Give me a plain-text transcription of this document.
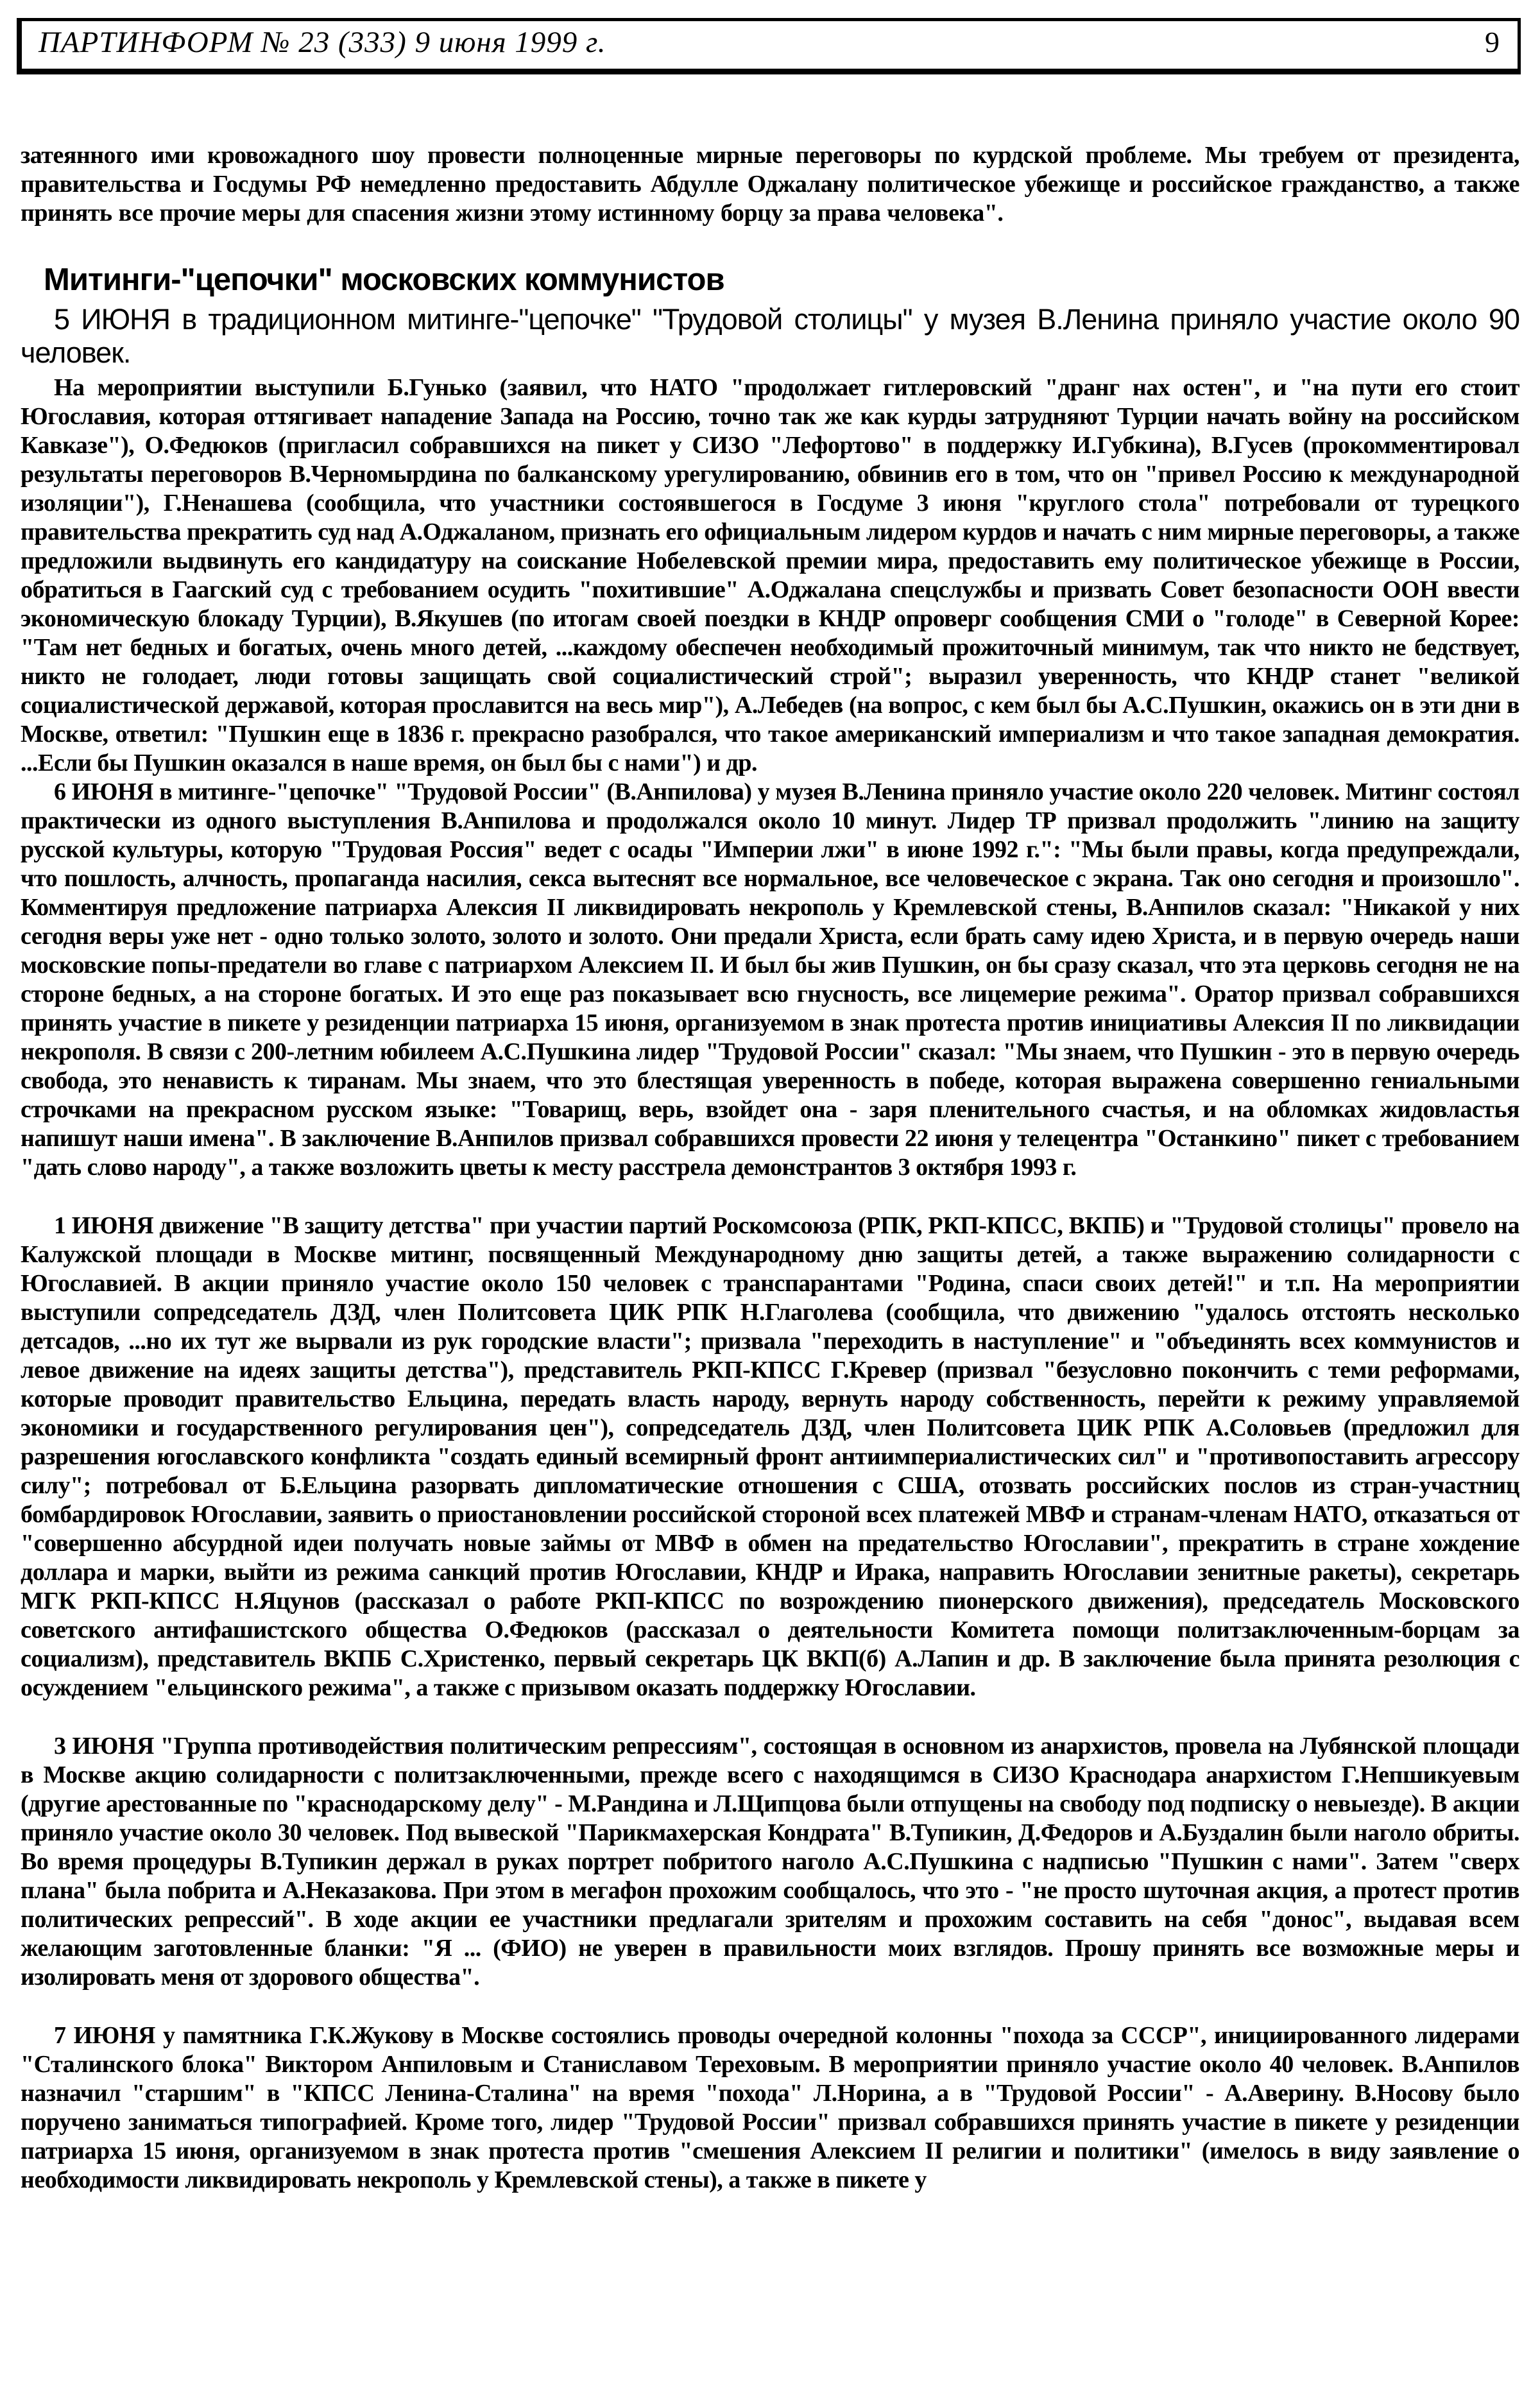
ПАРТИНФОРМ № 23 (333) 9 июня 1999 г.	9

затеянного ими кровожадного шоу провести полноценные мирные переговоры по курдской проблеме. Мы требуем от президента, правительства и Госдумы РФ немедленно предоставить Абдулле Оджалану политическое убежище и российское гражданство, а также принять все прочие меры для спасения жизни этому истинному борцу за права человека".

Митинги-"цепочки" московских коммунистов

5 ИЮНЯ в традиционном митинге-"цепочке" "Трудовой столицы" у музея В.Ленина приняло участие около 90 человек.

На мероприятии выступили Б.Гунько (заявил, что НАТО "продолжает гитлеровский "дранг нах остен", и "на пути его стоит Югославия, которая оттягивает нападение Запада на Россию, точно так же как курды затрудняют Турции начать войну на российском Кавказе"), О.Федюков (пригласил собравшихся на пикет у СИЗО "Лефортово" в поддержку И.Губкина), В.Гусев (прокомментировал результаты переговоров В.Черномырдина по балканскому урегулированию, обвинив его в том, что он "привел Россию к международной изоляции"), Г.Ненашева (сообщила, что участники состоявшегося в Госдуме 3 июня "круглого стола" потребовали от турецкого правительства прекратить суд над А.Оджаланом, признать его официальным лидером курдов и начать с ним мирные переговоры, а также предложили выдвинуть его кандидатуру на соискание Нобелевской премии мира, предоставить ему политическое убежище в России, обратиться в Гаагский суд с требованием осудить "похитившие" А.Оджалана спецслужбы и призвать Совет безопасности ООН ввести экономическую блокаду Турции), В.Якушев (по итогам своей поездки в КНДР опроверг сообщения СМИ о "голоде" в Северной Корее: "Там нет бедных и богатых, очень много детей, ...каждому обеспечен необходимый прожиточный минимум, так что никто не бедствует, никто не голодает, люди готовы защищать свой социалистический строй"; выразил уверенность, что КНДР станет "великой социалистической державой, которая прославится на весь мир"), А.Лебедев (на вопрос, с кем был бы А.С.Пушкин, окажись он в эти дни в Москве, ответил: "Пушкин еще в 1836 г. прекрасно разобрался, что такое американский империализм и что такое западная демократия. ...Если бы Пушкин оказался в наше время, он был бы с нами") и др.

6 ИЮНЯ в митинге-"цепочке" "Трудовой России" (В.Анпилова) у музея В.Ленина приняло участие около 220 человек. Митинг состоял практически из одного выступления В.Анпилова и продолжался около 10 минут. Лидер ТР призвал продолжить "линию на защиту русской культуры, которую "Трудовая Россия" ведет с осады "Империи лжи" в июне 1992 г.": "Мы были правы, когда предупреждали, что пошлость, алчность, пропаганда насилия, секса вытеснят все нормальное, все человеческое с экрана. Так оно сегодня и произошло". Комментируя предложение патриарха Алексия II ликвидировать некрополь у Кремлевской стены, В.Анпилов сказал: "Никакой у них сегодня веры уже нет - одно только золото, золото и золото. Они предали Христа, если брать саму идею Христа, и в первую очередь наши московские попы-предатели во главе с патриархом Алексием II. И был бы жив Пушкин, он бы сразу сказал, что эта церковь сегодня не на стороне бедных, а на стороне богатых. И это еще раз показывает всю гнусность, все лицемерие режима". Оратор призвал собравшихся принять участие в пикете у резиденции патриарха 15 июня, организуемом в знак протеста против инициативы Алексия II по ликвидации некрополя. В связи с 200-летним юбилеем А.С.Пушкина лидер "Трудовой России" сказал: "Мы знаем, что Пушкин - это в первую очередь свобода, это ненависть к тиранам. Мы знаем, что это блестящая уверенность в победе, которая выражена совершенно гениальными строчками на прекрасном русском языке: "Товарищ, верь, взойдет она - заря пленительного счастья, и на обломках жидовластья напишут наши имена". В заключение В.Анпилов призвал собравшихся провести 22 июня у телецентра "Останкино" пикет с требованием "дать слово народу", а также возложить цветы к месту расстрела демонстрантов 3 октября 1993 г.

1 ИЮНЯ движение "В защиту детства" при участии партий Роскомсоюза (РПК, РКП-КПСС, ВКПБ) и "Трудовой столицы" провело на Калужской площади в Москве митинг, посвященный Международному дню защиты детей, а также выражению солидарности с Югославией. В акции приняло участие около 150 человек с транспарантами "Родина, спаси своих детей!" и т.п. На мероприятии выступили сопредседатель ДЗД, член Политсовета ЦИК РПК Н.Глаголева (сообщила, что движению "удалось отстоять несколько детсадов, ...но их тут же вырвали из рук городские власти"; призвала "переходить в наступление" и "объединять всех коммунистов и левое движение на идеях защиты детства"), представитель РКП-КПСС Г.Кревер (призвал "безусловно покончить с теми реформами, которые проводит правительство Ельцина, передать власть народу, вернуть народу собственность, перейти к режиму управляемой экономики и государственного регулирования цен"), сопредседатель ДЗД, член Политсовета ЦИК РПК А.Соловьев (предложил для разрешения югославского конфликта "создать единый всемирный фронт антиимпериалистических сил" и "противопоставить агрессору силу"; потребовал от Б.Ельцина разорвать дипломатические отношения с США, отозвать российских послов из стран-участниц бомбардировок Югославии, заявить о приостановлении российской стороной всех платежей МВФ и странам-членам НАТО, отказаться от "совершенно абсурдной идеи получать новые займы от МВФ в обмен на предательство Югославии", прекратить в стране хождение доллара и марки, выйти из режима санкций против Югославии, КНДР и Ирака, направить Югославии зенитные ракеты), секретарь МГК РКП-КПСС Н.Яцунов (рассказал о работе РКП-КПСС по возрождению пионерского движения), председатель Московского советского антифашистского общества О.Федюков (рассказал о деятельности Комитета помощи политзаключенным-борцам за социализм), представитель ВКПБ С.Христенко, первый секретарь ЦК ВКП(б) А.Лапин и др. В заключение была принята резолюция с осуждением "ельцинского режима", а также с призывом оказать поддержку Югославии.

3 ИЮНЯ "Группа противодействия политическим репрессиям", состоящая в основном из анархистов, провела на Лубянской площади в Москве акцию солидарности с политзаключенными, прежде всего с находящимся в СИЗО Краснодара анархистом Г.Непшикуевым (другие арестованные по "краснодарскому делу" - М.Рандина и Л.Щипцова были отпущены на свободу под подписку о невыезде). В акции приняло участие около 30 человек. Под вывеской "Парикмахерская Кондрата" В.Тупикин, Д.Федоров и А.Буздалин были наголо обриты. Во время процедуры В.Тупикин держал в руках портрет побритого наголо А.С.Пушкина с надписью "Пушкин с нами". Затем "сверх плана" была побрита и А.Неказакова. При этом в мегафон прохожим сообщалось, что это - "не просто шуточная акция, а протест против политических репрессий". В ходе акции ее участники предлагали зрителям и прохожим составить на себя "донос", выдавая всем желающим заготовленные бланки: "Я ... (ФИО) не уверен в правильности моих взглядов. Прошу принять все возможные меры и изолировать меня от здорового общества".

7 ИЮНЯ у памятника Г.К.Жукову в Москве состоялись проводы очередной колонны "похода за СССР", инициированного лидерами "Сталинского блока" Виктором Анпиловым и Станиславом Тереховым. В мероприятии приняло участие около 40 человек. В.Анпилов назначил "старшим" в "КПСС Ленина-Сталина" на время "похода" Л.Норина, а в "Трудовой России" - А.Аверину. В.Носову было поручено заниматься типографией. Кроме того, лидер "Трудовой России" призвал собравшихся принять участие в пикете у резиденции патриарха 15 июня, организуемом в знак протеста против "смешения Алексием II религии и политики" (имелось в виду заявление о необходимости ликвидировать некрополь у Кремлевской стены), а также в пикете у
